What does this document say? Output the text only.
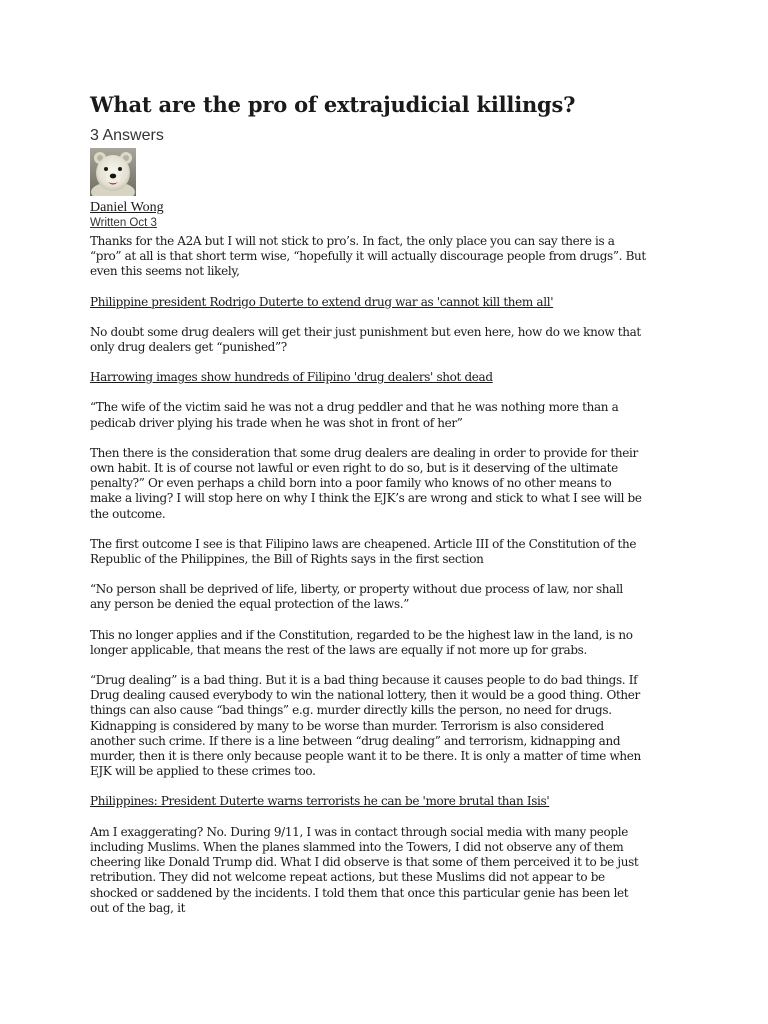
What are the pro of extrajudicial killings?
3 Answers
Daniel Wong
Written Oct 3

Thanks for the A2A but I will not stick to pro’s. In fact, the only place you can say there is a “pro” at all is that short term wise, “hopefully it will actually discourage people from drugs”. But even this seems not likely,

Philippine president Rodrigo Duterte to extend drug war as 'cannot kill them all'

No doubt some drug dealers will get their just punishment but even here, how do we know that only drug dealers get “punished”?

Harrowing images show hundreds of Filipino 'drug dealers' shot dead

“The wife of the victim said he was not a drug peddler and that he was nothing more than a pedicab driver plying his trade when he was shot in front of her”

Then there is the consideration that some drug dealers are dealing in order to provide for their own habit. It is of course not lawful or even right to do so, but is it deserving of the ultimate penalty?” Or even perhaps a child born into a poor family who knows of no other means to make a living? I will stop here on why I think the EJK’s are wrong and stick to what I see will be the outcome.

The first outcome I see is that Filipino laws are cheapened. Article III of the Constitution of the Republic of the Philippines, the Bill of Rights says in the first section

“No person shall be deprived of life, liberty, or property without due process of law, nor shall any person be denied the equal protection of the laws.”

This no longer applies and if the Constitution, regarded to be the highest law in the land, is no longer applicable, that means the rest of the laws are equally if not more up for grabs.

“Drug dealing” is a bad thing. But it is a bad thing because it causes people to do bad things. If Drug dealing caused everybody to win the national lottery, then it would be a good thing. Other things can also cause “bad things” e.g. murder directly kills the person, no need for drugs. Kidnapping is considered by many to be worse than murder. Terrorism is also considered another such crime. If there is a line between “drug dealing” and terrorism, kidnapping and murder, then it is there only because people want it to be there. It is only a matter of time when EJK will be applied to these crimes too.

Philippines: President Duterte warns terrorists he can be 'more brutal than Isis'

Am I exaggerating? No. During 9/11, I was in contact through social media with many people including Muslims. When the planes slammed into the Towers, I did not observe any of them cheering like Donald Trump did. What I did observe is that some of them perceived it to be just retribution. They did not welcome repeat actions, but these Muslims did not appear to be shocked or saddened by the incidents. I told them that once this particular genie has been let out of the bag, it
